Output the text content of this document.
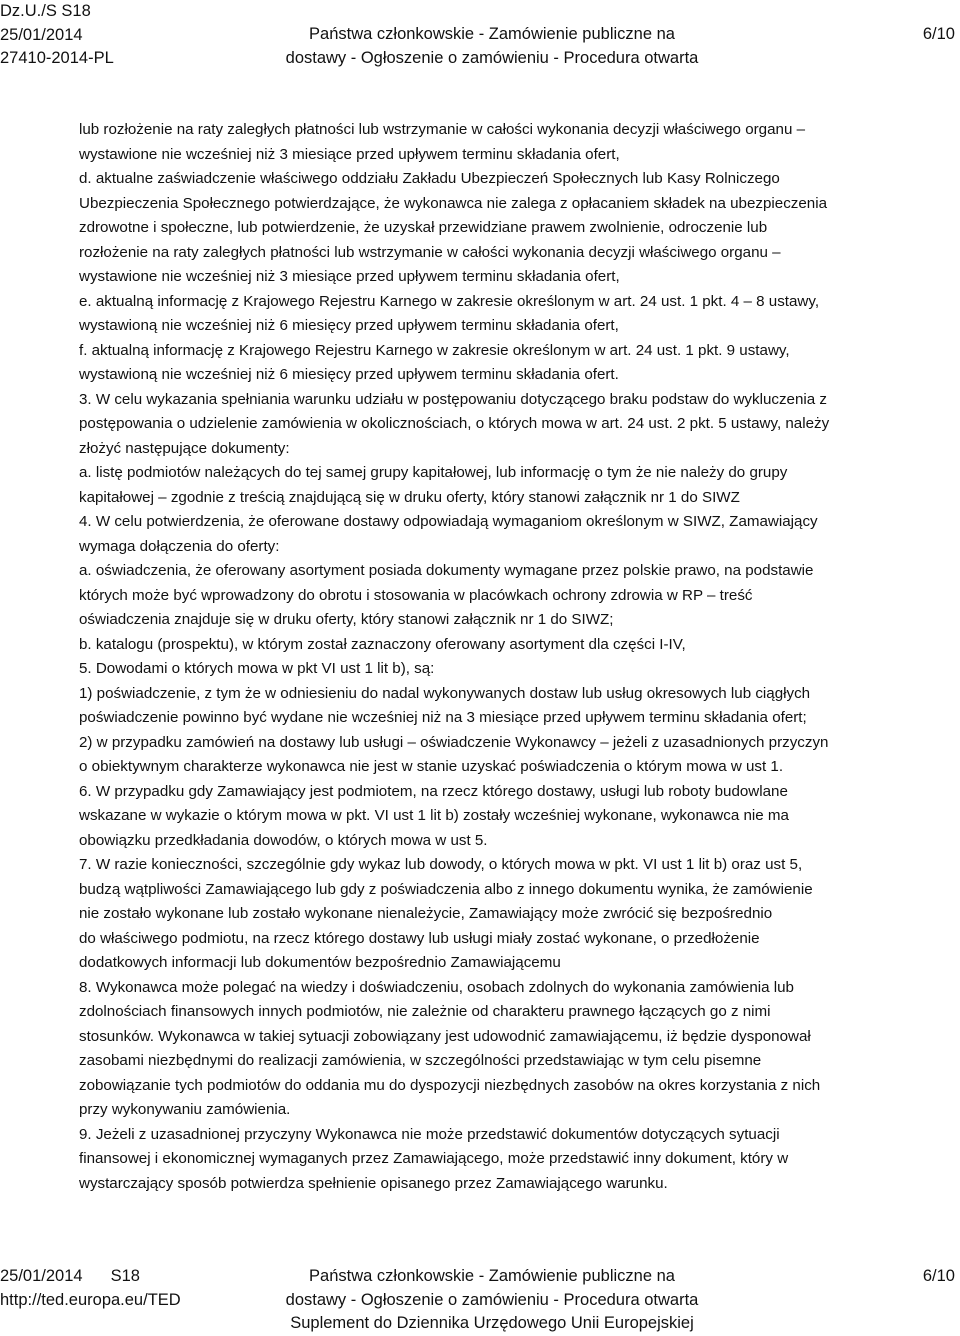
Dz.U./S S18
25/01/2014
27410-2014-PL
Państwa członkowskie - Zamówienie publiczne na
dostawy - Ogłoszenie o zamówieniu - Procedura otwarta
6/10
lub rozłożenie na raty zaległych płatności lub wstrzymanie w całości wykonania decyzji właściwego organu –
wystawione nie wcześniej niż 3 miesiące przed upływem terminu składania ofert,
d. aktualne zaświadczenie właściwego oddziału Zakładu Ubezpieczeń Społecznych lub Kasy Rolniczego
Ubezpieczenia Społecznego potwierdzające, że wykonawca nie zalega z opłacaniem składek na ubezpieczenia
zdrowotne i społeczne, lub potwierdzenie, że uzyskał przewidziane prawem zwolnienie, odroczenie lub
rozłożenie na raty zaległych płatności lub wstrzymanie w całości wykonania decyzji właściwego organu –
wystawione nie wcześniej niż 3 miesiące przed upływem terminu składania ofert,
e. aktualną informację z Krajowego Rejestru Karnego w zakresie określonym w art. 24 ust. 1 pkt. 4 – 8 ustawy,
wystawioną nie wcześniej niż 6 miesięcy przed upływem terminu składania ofert,
f. aktualną informację z Krajowego Rejestru Karnego w zakresie określonym w art. 24 ust. 1 pkt. 9 ustawy,
wystawioną nie wcześniej niż 6 miesięcy przed upływem terminu składania ofert.
3. W celu wykazania spełniania warunku udziału w postępowaniu dotyczącego braku podstaw do wykluczenia z
postępowania o udzielenie zamówienia w okolicznościach, o których mowa w art. 24 ust. 2 pkt. 5 ustawy, należy
złożyć następujące dokumenty:
a. listę podmiotów należących do tej samej grupy kapitałowej, lub informację o tym że nie należy do grupy
kapitałowej – zgodnie z treścią znajdującą się w druku oferty, który stanowi załącznik nr 1 do SIWZ
4. W celu potwierdzenia, że oferowane dostawy odpowiadają wymaganiom określonym w SIWZ, Zamawiający
wymaga dołączenia do oferty:
a. oświadczenia, że oferowany asortyment posiada dokumenty wymagane przez polskie prawo, na podstawie
których może być wprowadzony do obrotu i stosowania w placówkach ochrony zdrowia w RP – treść
oświadczenia znajduje się w druku oferty, który stanowi załącznik nr 1 do SIWZ;
b. katalogu (prospektu), w którym został zaznaczony oferowany asortyment dla części I-IV,
5. Dowodami o których mowa w pkt VI ust 1 lit b), są:
1) poświadczenie, z tym że w odniesieniu do nadal wykonywanych dostaw lub usług okresowych lub ciągłych
poświadczenie powinno być wydane nie wcześniej niż na 3 miesiące przed upływem terminu składania ofert;
2) w przypadku zamówień na dostawy lub usługi – oświadczenie Wykonawcy – jeżeli z uzasadnionych przyczyn
o obiektywnym charakterze wykonawca nie jest w stanie uzyskać poświadczenia o którym mowa w ust 1.
6. W przypadku gdy Zamawiający jest podmiotem, na rzecz którego dostawy, usługi lub roboty budowlane
wskazane w wykazie o którym mowa w pkt. VI ust 1 lit b) zostały wcześniej wykonane, wykonawca nie ma
obowiązku przedkładania dowodów, o których mowa w ust 5.
7. W razie konieczności, szczególnie gdy wykaz lub dowody, o których mowa w pkt. VI ust 1 lit b) oraz ust 5,
budzą wątpliwości Zamawiającego lub gdy z poświadczenia albo z innego dokumentu wynika, że zamówienie
nie zostało wykonane lub zostało wykonane nienależycie, Zamawiający może zwrócić się bezpośrednio
do właściwego podmiotu, na rzecz którego dostawy lub usługi miały zostać wykonane, o przedłożenie
dodatkowych informacji lub dokumentów bezpośrednio Zamawiającemu
8. Wykonawca może polegać na wiedzy i doświadczeniu, osobach zdolnych do wykonania zamówienia lub
zdolnościach finansowych innych podmiotów, nie zależnie od charakteru prawnego łączących go z nimi
stosunków. Wykonawca w takiej sytuacji zobowiązany jest udowodnić zamawiającemu, iż będzie dysponował
zasobami niezbędnymi do realizacji zamówienia, w szczególności przedstawiając w tym celu pisemne
zobowiązanie tych podmiotów do oddania mu do dyspozycji niezbędnych zasobów na okres korzystania z nich
przy wykonywaniu zamówienia.
9. Jeżeli z uzasadnionej przyczyny Wykonawca nie może przedstawić dokumentów dotyczących sytuacji
finansowej i ekonomicznej wymaganych przez Zamawiającego, może przedstawić inny dokument, który w
wystarczający sposób potwierdza spełnienie opisanego przez Zamawiającego warunku.
25/01/2014 S18
http://ted.europa.eu/TED
Państwa członkowskie - Zamówienie publiczne na
dostawy - Ogłoszenie o zamówieniu - Procedura otwarta
Suplement do Dziennika Urzędowego Unii Europejskiej
6/10
